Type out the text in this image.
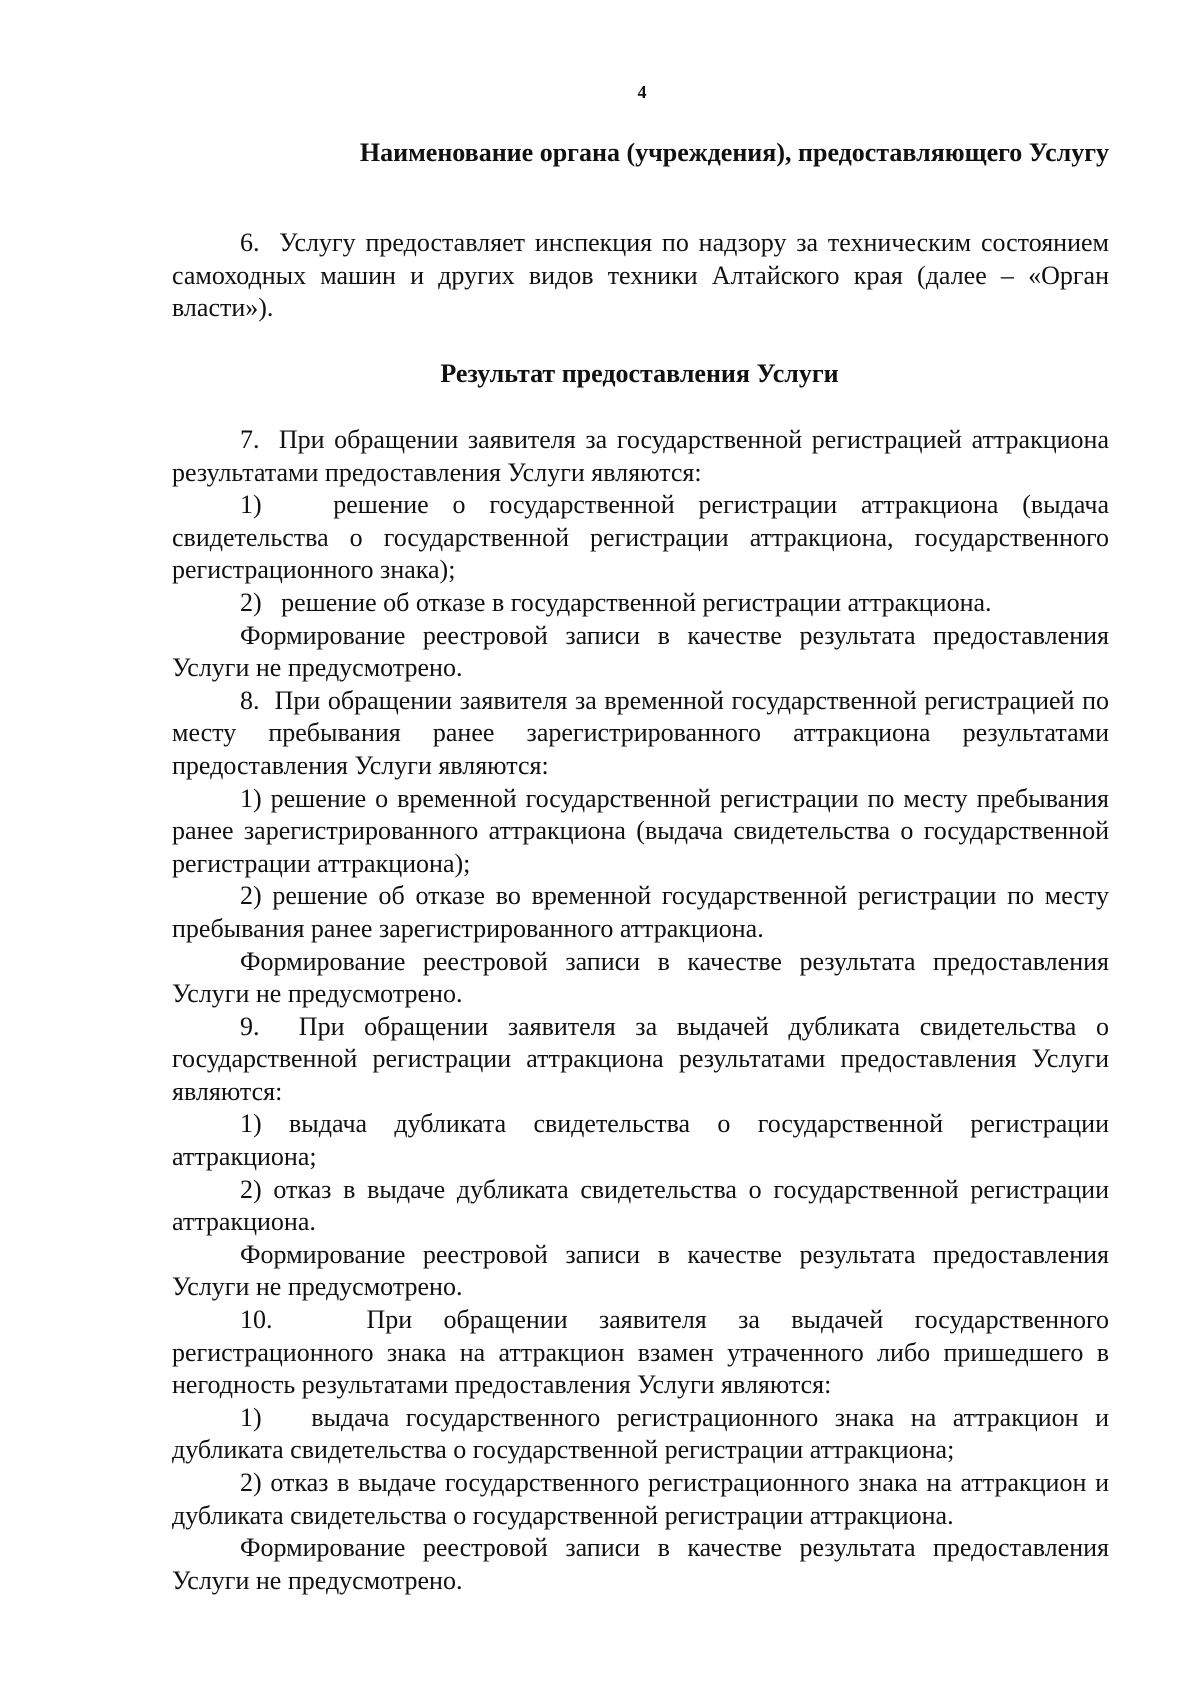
4
Наименование органа (учреждения), предоставляющего Услугу

6.  Услугу предоставляет инспекция по надзору за техническим состоянием самоходных машин и других видов техники Алтайского края (далее – «Орган власти»).

Результат предоставления Услуги

7.  При обращении заявителя за государственной регистрацией аттракциона результатами предоставления Услуги являются:

1)   решение о государственной регистрации аттракциона (выдача свидетельства о государственной регистрации аттракциона, государственного регистрационного знака);

2)   решение об отказе в государственной регистрации аттракциона.

Формирование реестровой записи в качестве результата предоставления Услуги не предусмотрено.

8.  При обращении заявителя за временной государственной регистрацией по месту пребывания ранее зарегистрированного аттракциона результатами предоставления Услуги являются:

1) решение о временной государственной регистрации по месту пребывания ранее зарегистрированного аттракциона (выдача свидетельства о государственной регистрации аттракциона);

2) решение об отказе во временной государственной регистрации по месту пребывания ранее зарегистрированного аттракциона.

Формирование реестровой записи в качестве результата предоставления Услуги не предусмотрено.

9.  При обращении заявителя за выдачей дубликата свидетельства о государственной регистрации аттракциона результатами предоставления Услуги являются:

1) выдача дубликата свидетельства о государственной регистрации аттракциона;

2) отказ в выдаче дубликата свидетельства о государственной регистрации аттракциона.

Формирование реестровой записи в качестве результата предоставления Услуги не предусмотрено.

10.   При обращении заявителя за выдачей государственного регистрационного знака на аттракцион взамен утраченного либо пришедшего в негодность результатами предоставления Услуги являются:

1)   выдача государственного регистрационного знака на аттракцион и дубликата свидетельства о государственной регистрации аттракциона;

2) отказ в выдаче государственного регистрационного знака на аттракцион и дубликата свидетельства о государственной регистрации аттракциона.

Формирование реестровой записи в качестве результата предоставления Услуги не предусмотрено.
